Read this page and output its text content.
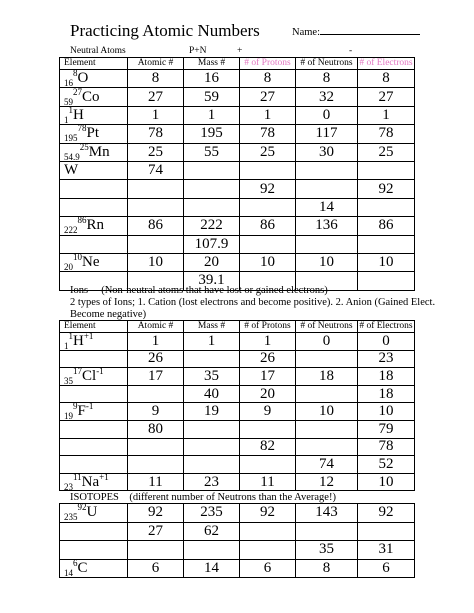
Practicing Atomic Numbers	Name:
Neutral Atoms	P+N	+	-
Element	Atomic #	Mass #	# of Protons	# of Neutrons	# of Electrons
$_{16}^8$O	8	16	8	8	8
$_{59}^{27}$Co	27	59	27	32	27
$_1^1$H	1	1	1	0	1
$_{195}^{78}$Pt	78	195	78	117	78
$_{54.9}^{25}$Mn	25	55	25	30	25
W	74				
			92		92
				14	
$_{222}^{86}$Rn	86	222	86	136	86
		107.9			
$_{20}^{10}$Ne	10	20	10	10	10
		39.1			
Ions (Non-neutral atoms that have lost or gained electrons)
2 types of Ions; 1. Cation (lost electrons and become positive). 2. Anion (Gained Elect.
Become negative)
Element	Atomic #	Mass #	# of Protons	# of Neutrons	# of Electrons
$_1^1H^{+1}$	1	1	1	0	0
	26		26		23
$_{35}^{17}Cl^{-1}$	17	35	17	18	18
		40	20		18
$_{19}^9F^{-1}$	9	19	9	10	10
	80				79
			82		78
				74	52
$_{23}^{11}Na^{+1}$	11	23	11	12	10
ISOTOPES (different number of Neutrons than the Average!)
$_{235}^{92}$U	92	235	92	143	92
	27	62			
				35	31
$_{14}^6$C	6	14	6	8	6
